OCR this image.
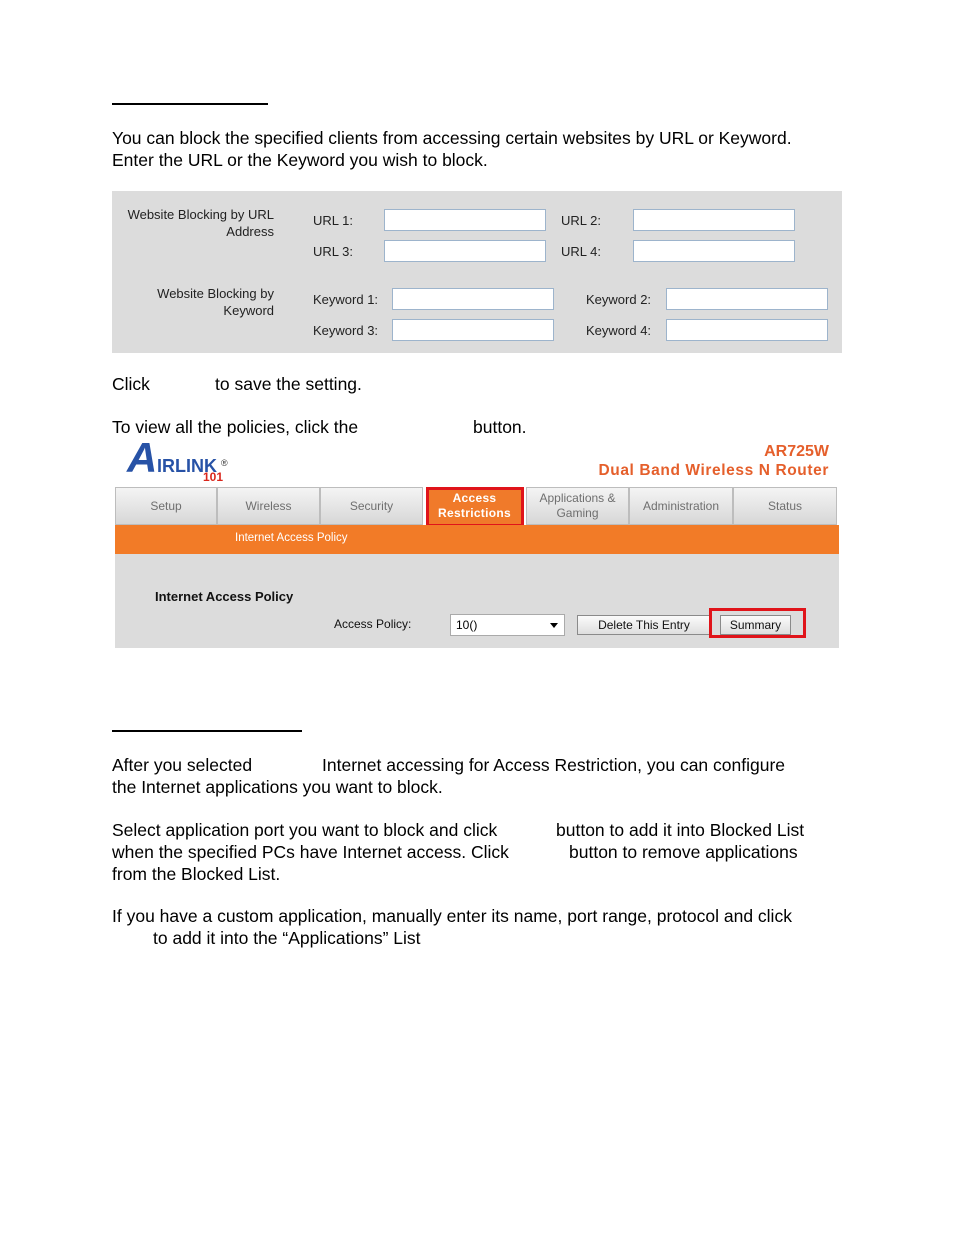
You can block the specified clients from accessing certain websites by URL or Keyword.
Enter the URL or the Keyword you wish to block.
Website Blocking by URL
Address
URL 1:	URL 2:
URL 3:	URL 4:
Website Blocking by
Keyword
Keyword 1:	Keyword 2:
Keyword 3:	Keyword 4:
Click	to save the setting.
To view all the policies, click the	button.
A IRLINK
101
®
AR725W
Dual Band Wireless N Router
Setup	Wireless	Security
Access
Restrictions
Applications &
Gaming
Administration	Status
Internet Access Policy
Internet Access Policy
Access Policy:	10()	Delete This Entry	Summary
After you selected	Internet accessing for Access Restriction, you can configure
the Internet applications you want to block.
Select application port you want to block and click	button to add it into Blocked List
when the specified PCs have Internet access. Click	button to remove applications
from the Blocked List.
If you have a custom application, manually enter its name, port range, protocol and click
to add it into the “Applications” List
